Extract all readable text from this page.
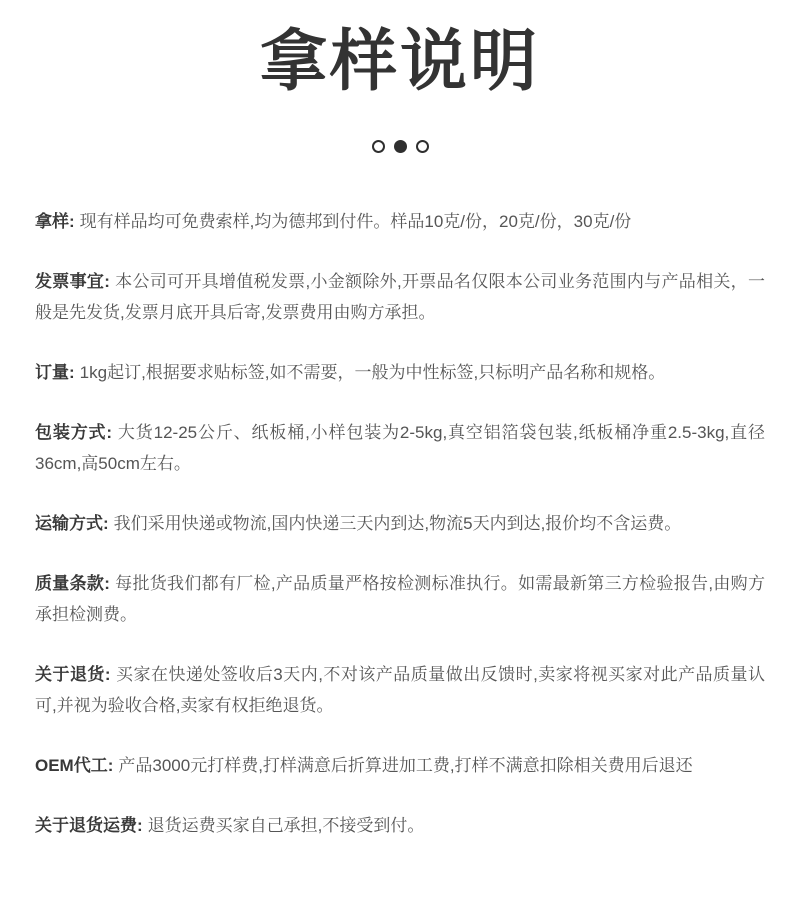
拿样说明

拿样: 现有样品均可免费索样,均为德邦到付件。样品10克/份，20克/份，30克/份

发票事宜: 本公司可开具增值税发票,小金额除外,开票品名仅限本公司业务范围内与产品相关，一般是先发货,发票月底开具后寄,发票费用由购方承担。

订量: 1kg起订,根据要求贴标签,如不需要，一般为中性标签,只标明产品名称和规格。

包装方式: 大货12-25公斤、纸板桶,小样包装为2-5kg,真空铝箔袋包装,纸板桶净重2.5-3kg,直径36cm,高50cm左右。

运输方式: 我们采用快递或物流,国内快递三天内到达,物流5天内到达,报价均不含运费。

质量条款: 每批货我们都有厂检,产品质量严格按检测标准执行。如需最新第三方检验报告,由购方承担检测费。

关于退货: 买家在快递处签收后3天内,不对该产品质量做出反馈时,卖家将视买家对此产品质量认可,并视为验收合格,卖家有权拒绝退货。

OEM代工: 产品3000元打样费,打样满意后折算进加工费,打样不满意扣除相关费用后退还

关于退货运费: 退货运费买家自己承担,不接受到付。
